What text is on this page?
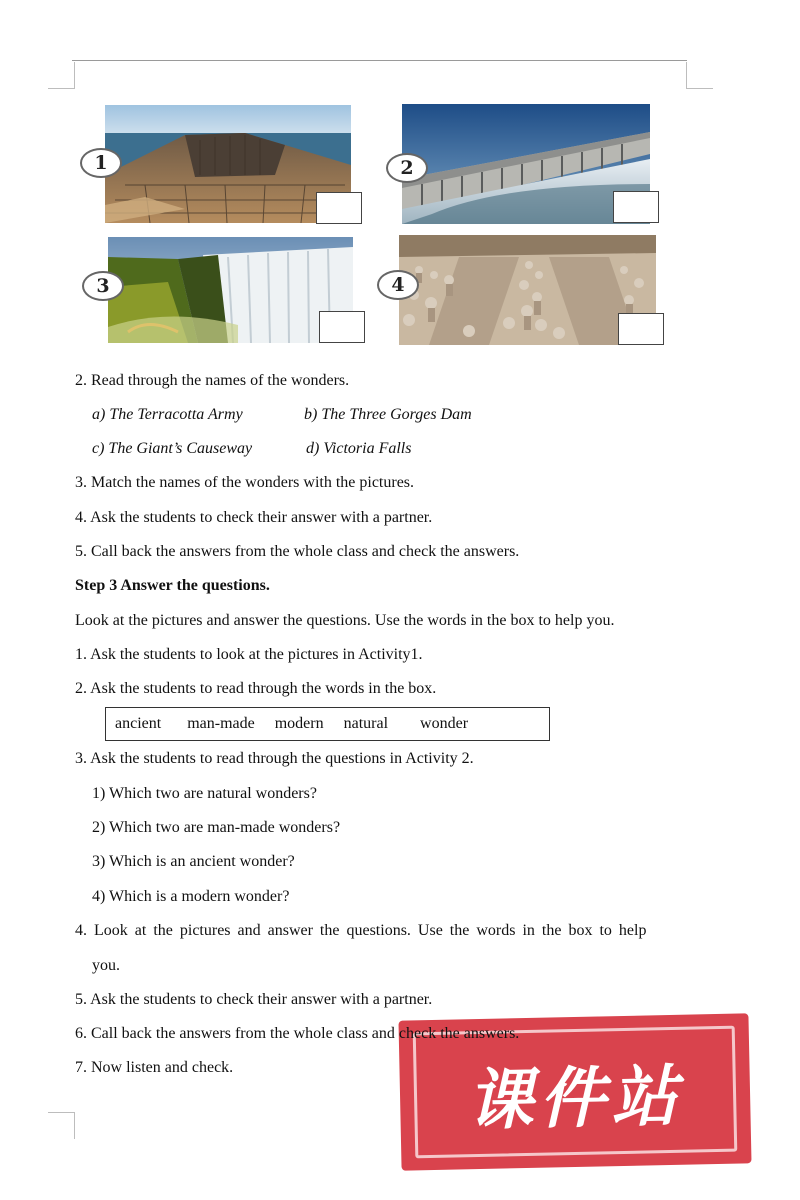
1	2
3	4
2. Read through the names of the wonders.
a) The Terracotta Army	b) The Three Gorges Dam
c) The Giant’s Causeway	d) Victoria Falls
3. Match the names of the wonders with the pictures.
4. Ask the students to check their answer with a partner.
5. Call back the answers from the whole class and check the answers.
Step 3 Answer the questions.
Look at the pictures and answer the questions. Use the words in the box to help you.
1. Ask the students to look at the pictures in Activity1.
2. Ask the students to read through the words in the box.
ancient man-made modern natural wonder
3. Ask the students to read through the questions in Activity 2.
1) Which two are natural wonders?
2) Which two are man-made wonders?
3) Which is an ancient wonder?
4) Which is a modern wonder?
4. Look at the pictures and answer the questions. Use the words in the box to help
you.
5. Ask the students to check their answer with a partner.
课件站
6. Call back the answers from the whole class and check the answers.
7. Now listen and check.
